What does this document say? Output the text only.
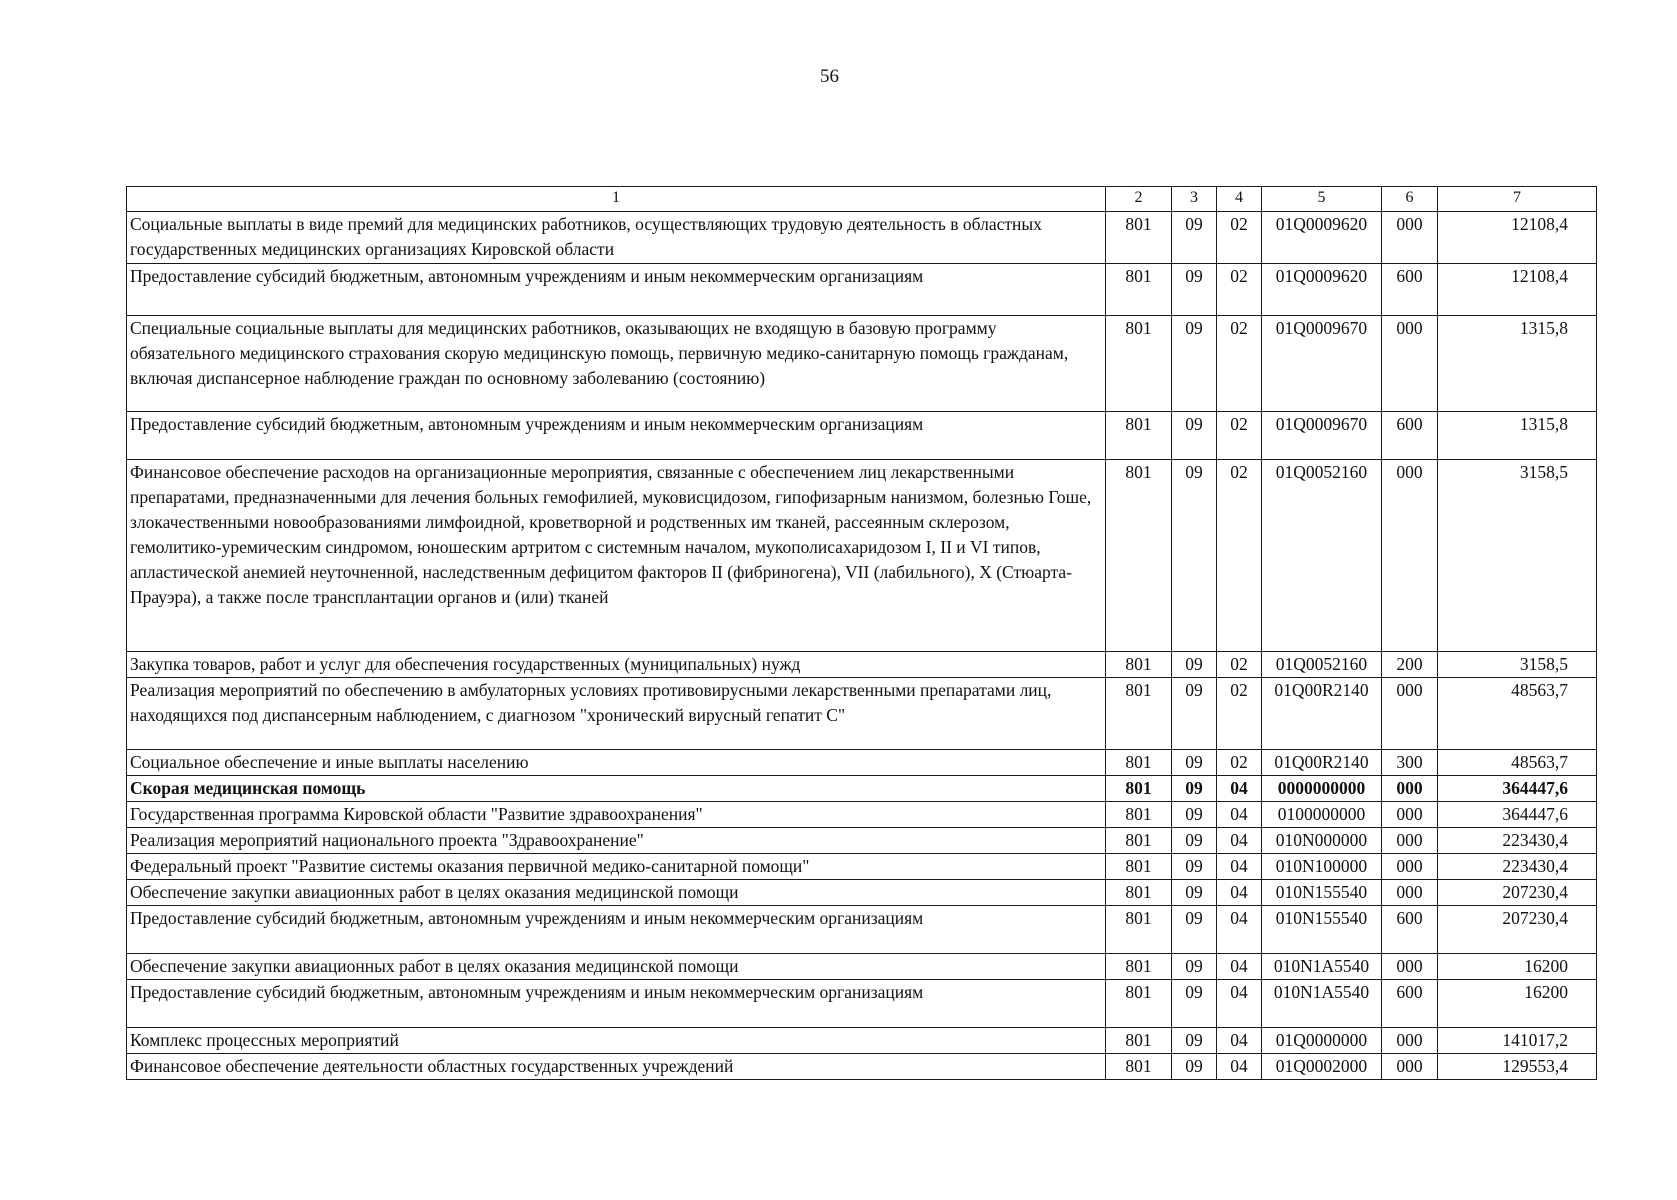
56
1	2	3	4	5	6	7
Социальные выплаты в виде премий для медицинских работников, осуществляющих трудовую деятельность в областных государственных медицинских организациях Кировской области	801	09	02	01Q0009620	000	12108,4
Предоставление субсидий бюджетным, автономным учреждениям и иным некоммерческим организациям	801	09	02	01Q0009620	600	12108,4
Специальные социальные выплаты для медицинских работников, оказывающих не входящую в базовую программу обязательного медицинского страхования скорую медицинскую помощь, первичную медико-санитарную помощь гражданам, включая диспансерное наблюдение граждан по основному заболеванию (состоянию)	801	09	02	01Q0009670	000	1315,8
Предоставление субсидий бюджетным, автономным учреждениям и иным некоммерческим организациям	801	09	02	01Q0009670	600	1315,8
Финансовое обеспечение расходов на организационные мероприятия, связанные с обеспечением лиц лекарственными препаратами, предназначенными для лечения больных гемофилией, муковисцидозом, гипофизарным нанизмом, болезнью Гоше, злокачественными новообразованиями лимфоидной, кроветворной и родственных им тканей, рассеянным склерозом, гемолитико-уремическим синдромом, юношеским артритом с системным началом, мукополисахаридозом I, II и VI типов, апластической анемией неуточненной, наследственным дефицитом факторов II (фибриногена), VII (лабильного), X (Стюарта-Прауэра), а также после трансплантации органов и (или) тканей	801	09	02	01Q0052160	000	3158,5
Закупка товаров, работ и услуг для обеспечения государственных (муниципальных) нужд	801	09	02	01Q0052160	200	3158,5
Реализация мероприятий по обеспечению в амбулаторных условиях противовирусными лекарственными препаратами лиц, находящихся под диспансерным наблюдением, с диагнозом "хронический вирусный гепатит С"	801	09	02	01Q00R2140	000	48563,7
Социальное обеспечение и иные выплаты населению	801	09	02	01Q00R2140	300	48563,7
Скорая медицинская помощь	801	09	04	0000000000	000	364447,6
Государственная программа Кировской области "Развитие здравоохранения"	801	09	04	0100000000	000	364447,6
Реализация мероприятий национального проекта "Здравоохранение"	801	09	04	010N000000	000	223430,4
Федеральный проект "Развитие системы оказания первичной медико-санитарной помощи"	801	09	04	010N100000	000	223430,4
Обеспечение закупки авиационных работ в целях оказания медицинской помощи	801	09	04	010N155540	000	207230,4
Предоставление субсидий бюджетным, автономным учреждениям и иным некоммерческим организациям	801	09	04	010N155540	600	207230,4
Обеспечение закупки авиационных работ в целях оказания медицинской помощи	801	09	04	010N1A5540	000	16200
Предоставление субсидий бюджетным, автономным учреждениям и иным некоммерческим организациям	801	09	04	010N1A5540	600	16200
Комплекс процессных мероприятий	801	09	04	01Q0000000	000	141017,2
Финансовое обеспечение деятельности областных государственных учреждений	801	09	04	01Q0002000	000	129553,4
